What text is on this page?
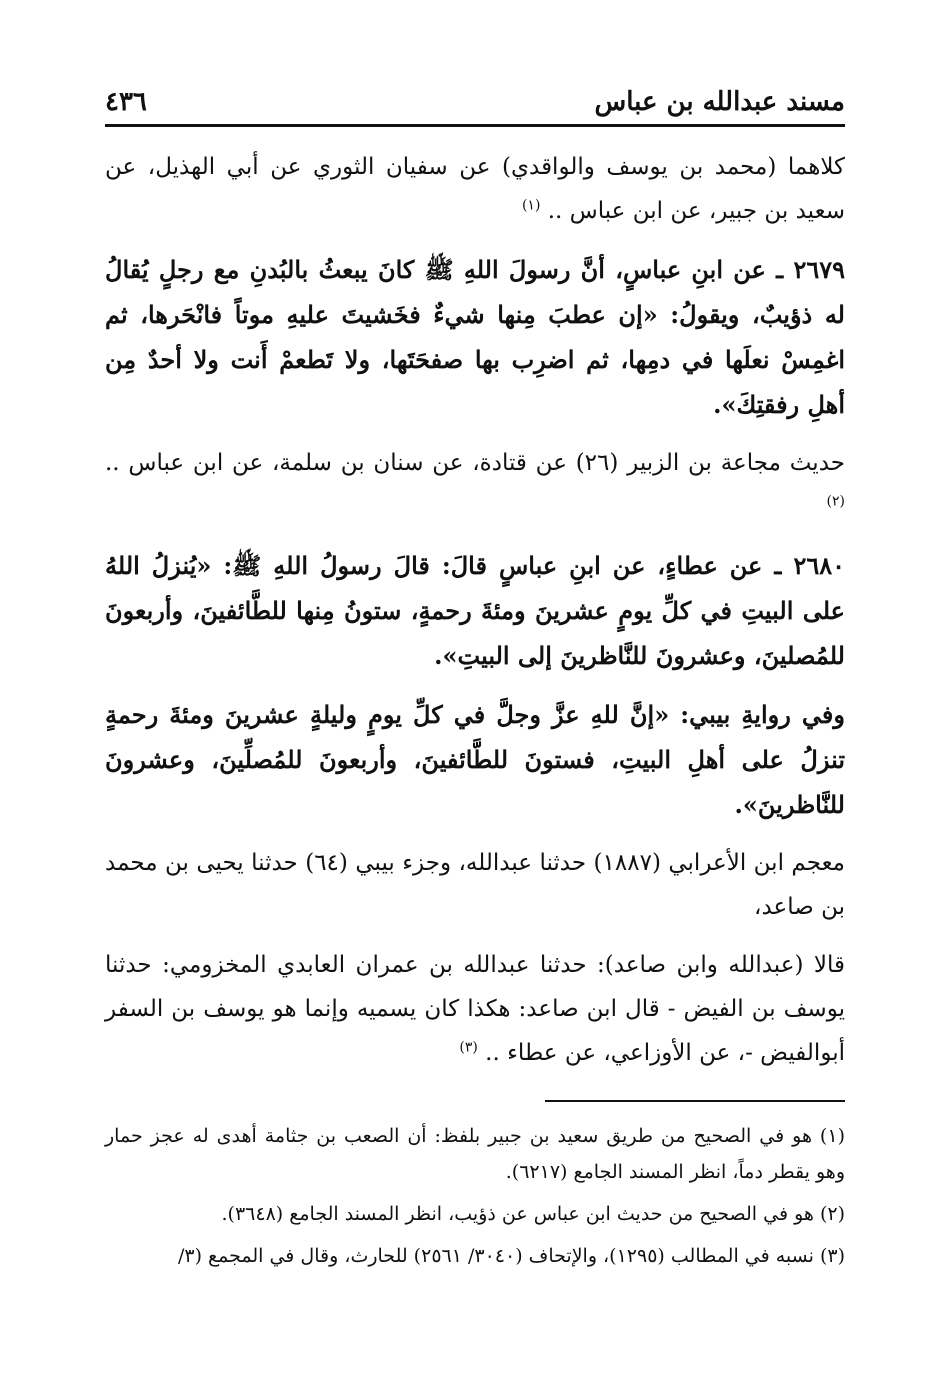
مسند عبدالله بن عباس
٤٣٦

كلاهما (محمد بن يوسف والواقدي) عن سفيان الثوري عن أبي الهذيل، عن سعيد بن جبير، عن ابن عباس .. $^{(١)}$

٢٦٧٩ ـ عن ابنِ عباسٍ، أنَّ رسولَ اللهِ ﷺ كانَ يبعثُ بالبُدنِ مع رجلٍ يُقالُ له ذؤيبٌ، ويقولُ: «إن عطبَ مِنها شيءٌ فخَشيتَ عليهِ موتاً فانْحَرها، ثم اغمِسْ نعلَها في دمِها، ثم اضرِب بها صفحَتَها، ولا تَطعمْ أَنت ولا أحدٌ مِن أهلِ رفقتِكَ».

حديث مجاعة بن الزبير (٢٦) عن قتادة، عن سنان بن سلمة، عن ابن عباس .. $^{(٢)}$

٢٦٨٠ ـ عن عطاءٍ، عن ابنِ عباسٍ قالَ: قالَ رسولُ اللهِ ﷺ: «يُنزلُ اللهُ على البيتِ في كلِّ يومٍ عشرينَ ومئةَ رحمةٍ، ستونُ مِنها للطَّائفينَ، وأربعونَ للمُصلينَ، وعشرونَ للنَّاظرينَ إلى البيتِ».

وفي روايةِ بيبي: «إنَّ للهِ عزَّ وجلَّ في كلِّ يومٍ وليلةٍ عشرينَ ومئةَ رحمةٍ تنزلُ على أهلِ البيتِ، فستونَ للطَّائفينَ، وأربعونَ للمُصلِّينَ، وعشرونَ للنَّاظرينَ».

معجم ابن الأعرابي (١٨٨٧) حدثنا عبدالله، وجزء بيبي (٦٤) حدثنا يحيى بن محمد بن صاعد،

قالا (عبدالله وابن صاعد): حدثنا عبدالله بن عمران العابدي المخزومي: حدثنا يوسف بن الفيض - قال ابن صاعد: هكذا كان يسميه وإنما هو يوسف بن السفر أبوالفيض -، عن الأوزاعي، عن عطاء .. $^{(٣)}$

(١) هو في الصحيح من طريق سعيد بن جبير بلفظ: أن الصعب بن جثامة أهدى له عجز حمار وهو يقطر دماً، انظر المسند الجامع (٦٢١٧).

(٢) هو في الصحيح من حديث ابن عباس عن ذؤيب، انظر المسند الجامع (٣٦٤٨).

(٣) نسبه في المطالب (١٢٩٥)، والإتحاف (٣٠٤٠/ ٢٥٦١) للحارث، وقال في المجمع (٣/
